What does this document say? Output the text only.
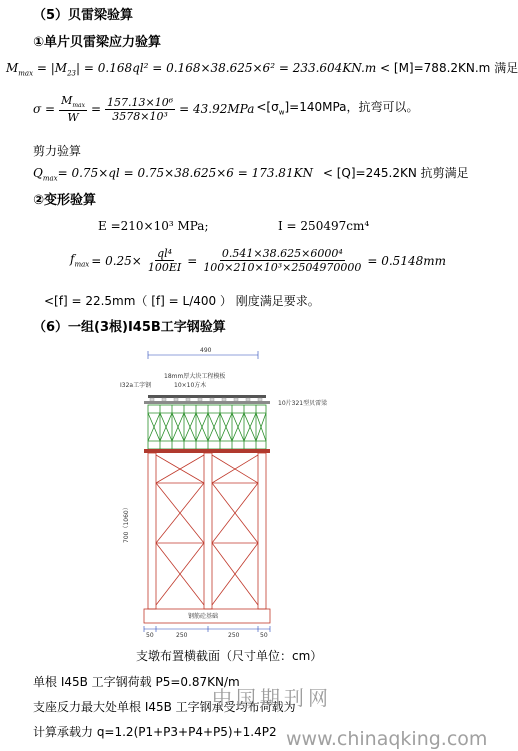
（5）贝雷梁验算
①单片贝雷梁应力验算
$M_{max} = |M_{23}| = 0.168ql^2 = 0.168\times 38.625\times 6^2 = 233.604KN.m < [M]=788.2KN.m$ 满足
$\sigma = \frac{M_{max}}{W} = \frac{\text{157.13×10⁶}}{\text{3578×10³}} = 43.92MPa <[\sigma_w]=140MPa$，抗弯可以。
剪力验算
$Q_{max}= 0.75\times ql = 0.75\times 38.625\times 6 = 173.81KN < [Q]=245.2KN$ 抗剪满足
②变形验算
E =210×10³ MPa;	I = 250497cm⁴
$f_{max} = 0.25\times \frac{\text{ql⁴}}{100EI} = \frac{\text{0.541×38.625×6000⁴}}{\text{100×210×10³×2504970000}} = 0.5148mm$
<[f] = 22.5mm（ [f] = L/400 ） 刚度满足要求。
（6）一组(3根)I45B工字钢验算
490
钢筋砼基础
18mm厚大块工程模板
10×10方木
I32a工字钢
10片321型贝雷梁
50	250	250	50
700（1060）
支墩布置横截面（尺寸单位：cm）
单根 I45B 工字钢荷载 P5=0.87KN/m
支座反力最大处单根 I45B 工字钢承受均布荷载为
计算承载力 q=1.2(P1+P3+P4+P5)+1.4P2
中国期刊网
www.chinaqking.com
